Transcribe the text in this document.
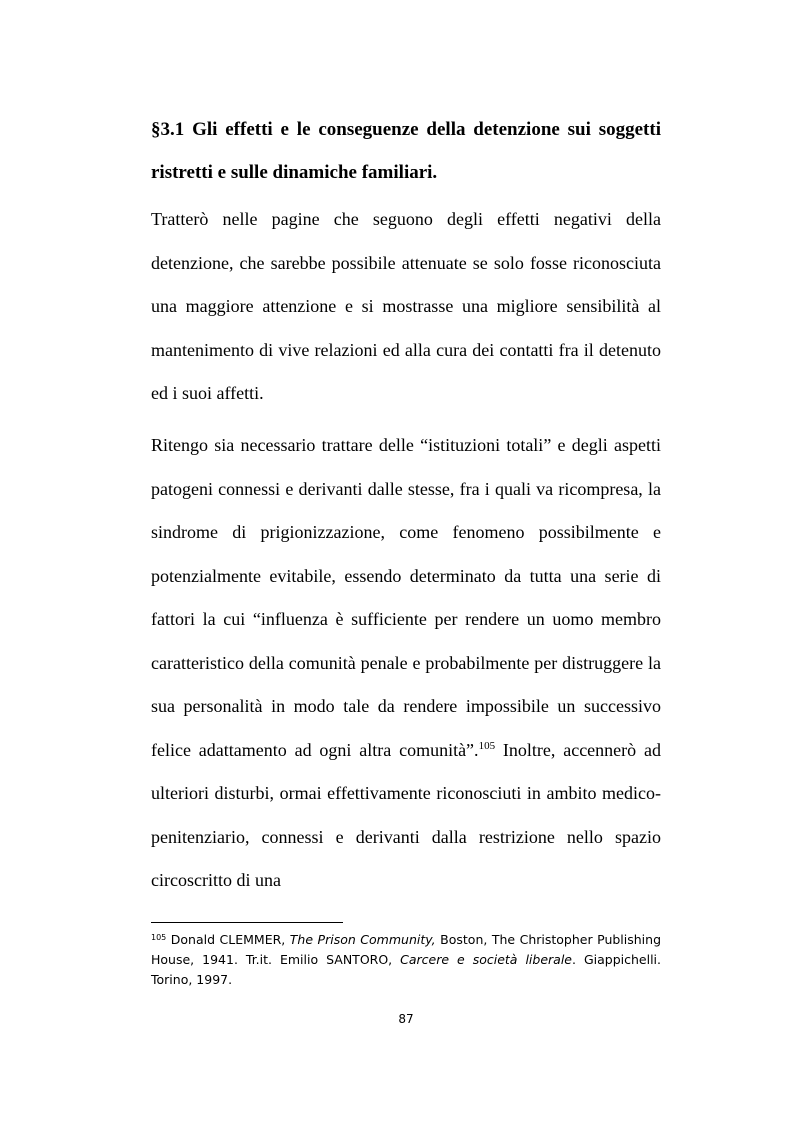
§3.1 Gli effetti e le conseguenze della detenzione sui soggetti ristretti e sulle dinamiche familiari.

Tratterò nelle pagine che seguono degli effetti negativi della detenzione, che sarebbe possibile attenuate se solo fosse riconosciuta una maggiore attenzione e si mostrasse una migliore sensibilità al mantenimento di vive relazioni ed alla cura dei contatti fra il detenuto ed i suoi affetti.

Ritengo sia necessario trattare delle “istituzioni totali” e degli aspetti patogeni connessi e derivanti dalle stesse, fra i quali va ricompresa, la sindrome di prigionizzazione, come fenomeno possibilmente e potenzialmente evitabile, essendo determinato da tutta una serie di fattori la cui “influenza è sufficiente per rendere un uomo membro caratteristico della comunità penale e probabilmente per distruggere la sua personalità in modo tale da rendere impossibile un successivo felice adattamento ad ogni altra comunità”.$^{105}$ Inoltre, accennerò ad ulteriori disturbi, ormai effettivamente riconosciuti in ambito medico-penitenziario, connessi e derivanti dalla restrizione nello spazio circoscritto di una

$^{105}$ Donald CLEMMER, The Prison Community, Boston, The Christopher Publishing House, 1941. Tr.it. Emilio SANTORO, Carcere e società liberale. Giappichelli. Torino, 1997.

87
